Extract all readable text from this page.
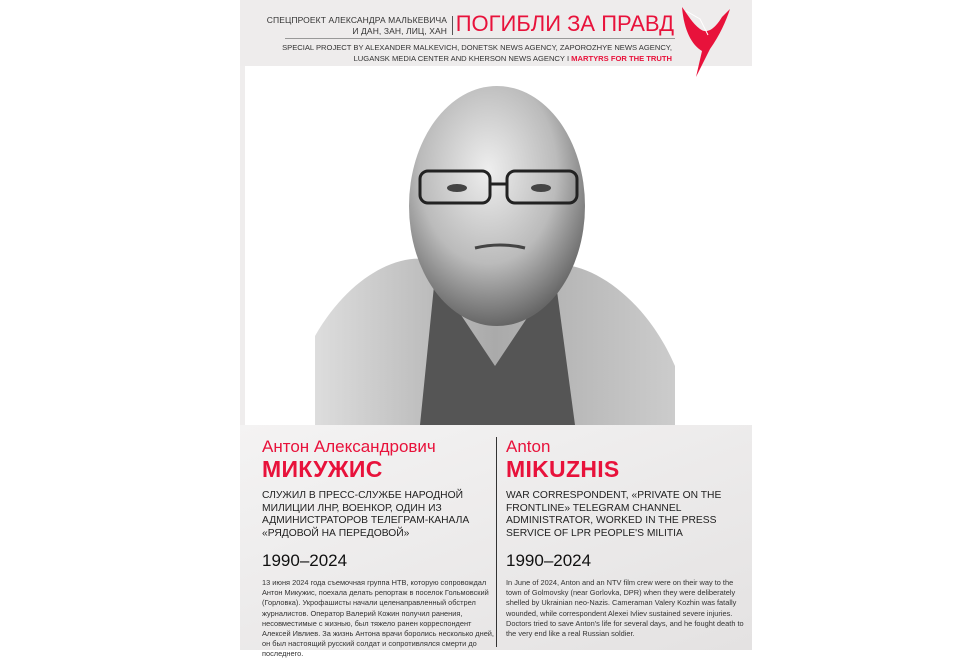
СПЕЦПРОЕКТ АЛЕКСАНДРА МАЛЬКЕВИЧА
И ДАН, ЗАН, ЛИЦ, ХАН ПОГИБЛИ ЗА ПРАВД
SPECIAL PROJECT BY ALEXANDER MALKEVICH, DONETSK NEWS AGENCY, ZAPOROZHYE NEWS AGENCY,
LUGANSK MEDIA CENTER AND KHERSON NEWS AGENCY I MARTYRS FOR THE TRUTH
Антон Александрович
МИКУЖИС
СЛУЖИЛ В ПРЕСС-СЛУЖБЕ НАРОДНОЙ МИЛИЦИИ ЛНР, ВОЕНКОР, ОДИН ИЗ АДМИНИСТРАТОРОВ ТЕЛЕГРАМ-КАНАЛА «РЯДОВОЙ НА ПЕРЕДОВОЙ»
1990–2024
13 июня 2024 года съемочная группа НТВ, которую сопровождал Антон Микужис, поехала делать репортаж в поселок Гольмовский (Горловка). Укрофашисты начали целенаправленный обстрел журналистов. Оператор Валерий Кожин получил ранения, несовместимые с жизнью, был тяжело ранен корреспондент Алексей Ивлиев. За жизнь Антона врачи боролись несколько дней, он был настоящий русский солдат и сопротивлялся смерти до последнего.
Anton
MIKUZHIS
WAR CORRESPONDENT, «PRIVATE ON THE FRONTLINE» TELEGRAM CHANNEL ADMINISTRATOR, WORKED IN THE PRESS SERVICE OF LPR PEOPLE'S MILITIA
1990–2024
In June of 2024, Anton and an NTV film crew were on their way to the town of Golmovsky (near Gorlovka, DPR) when they were deliberately shelled by Ukrainian neo-Nazis. Cameraman Valery Kozhin was fatally wounded, while correspondent Alexei Ivliev sustained severe injuries. Doctors tried to save Anton's life for several days, and he fought death to the very end like a real Russian soldier.
